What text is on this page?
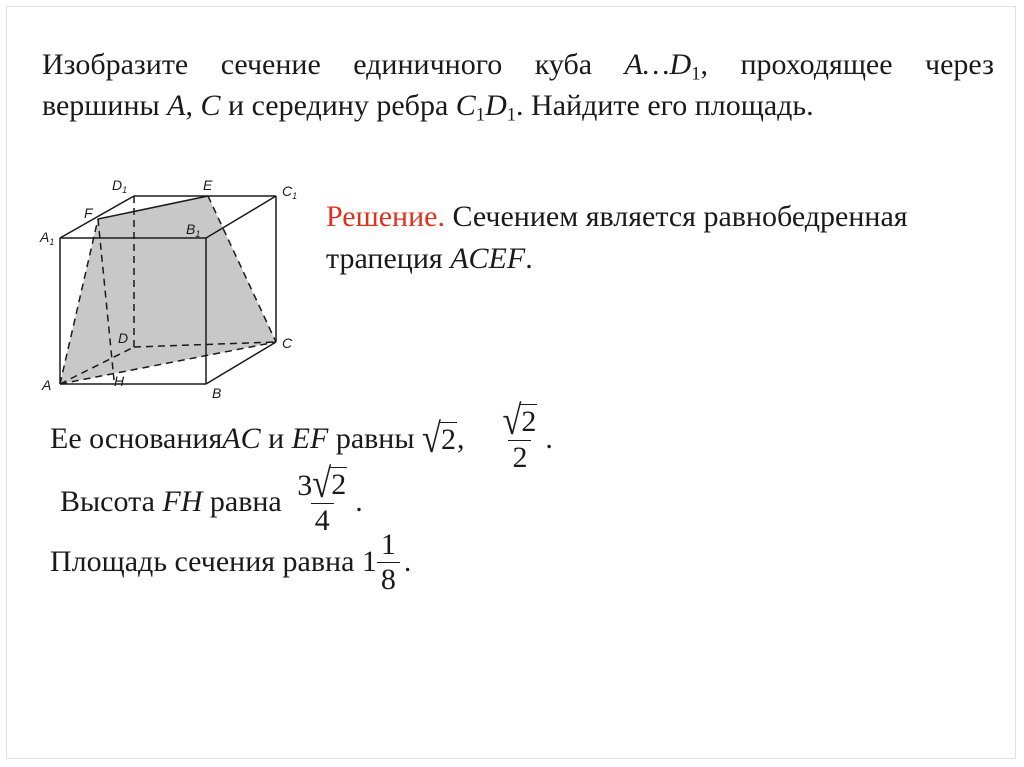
Изобразите сечение единичного куба $A\dots D_1$, проходящее через
вершины A, C и середину ребра $C_1D_1$. Найдите его площадь.
$D_1$	E	$C_1$
F
$A_1$
$B_1$
D	C
A	H
B
Решение. Сечением является равнобедренная
трапеция ACEF.
Ее основания AC и EF равны √ 2 , $\frac{√ 2}{2}$ .
Высота FH равна $\frac{3 √ 2}{4}$ .
Площадь сечения равна $1 \frac{1}{8}$ .
